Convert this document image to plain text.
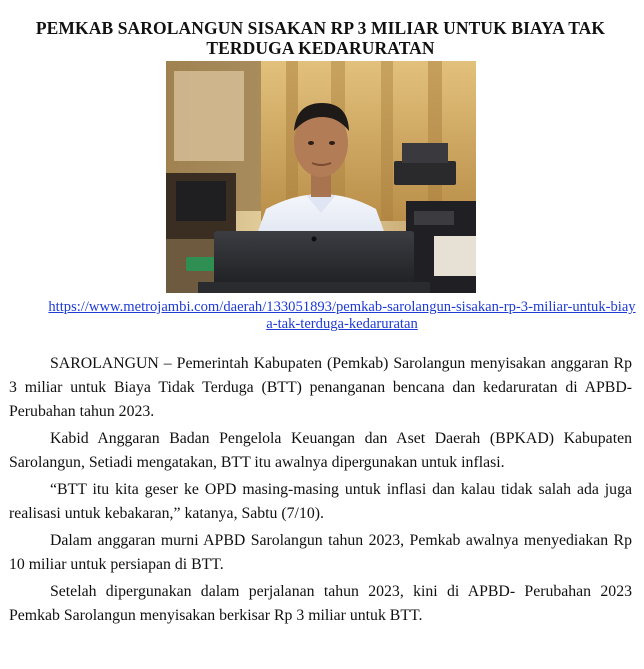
PEMKAB SAROLANGUN SISAKAN RP 3 MILIAR UNTUK BIAYA TAK TERDUGA KEDARURATAN
https://www.metrojambi.com/daerah/133051893/pemkab-sarolangun-sisakan-rp-3-miliar-untuk-biaya-tak-terduga-kedaruratan

SAROLANGUN – Pemerintah Kabupaten (Pemkab) Sarolangun menyisakan anggaran Rp 3 miliar untuk Biaya Tidak Terduga (BTT) penanganan bencana dan kedaruratan di APBD- Perubahan tahun 2023.

Kabid Anggaran Badan Pengelola Keuangan dan Aset Daerah (BPKAD) Kabupaten Sarolangun, Setiadi mengatakan, BTT itu awalnya dipergunakan untuk inflasi.

“BTT itu kita geser ke OPD masing-masing untuk inflasi dan kalau tidak salah ada juga realisasi untuk kebakaran,” katanya, Sabtu (7/10).

Dalam anggaran murni APBD Sarolangun tahun 2023, Pemkab awalnya menyediakan Rp 10 miliar untuk persiapan di BTT.

Setelah dipergunakan dalam perjalanan tahun 2023, kini di APBD- Perubahan 2023 Pemkab Sarolangun menyisakan berkisar Rp 3 miliar untuk BTT.
